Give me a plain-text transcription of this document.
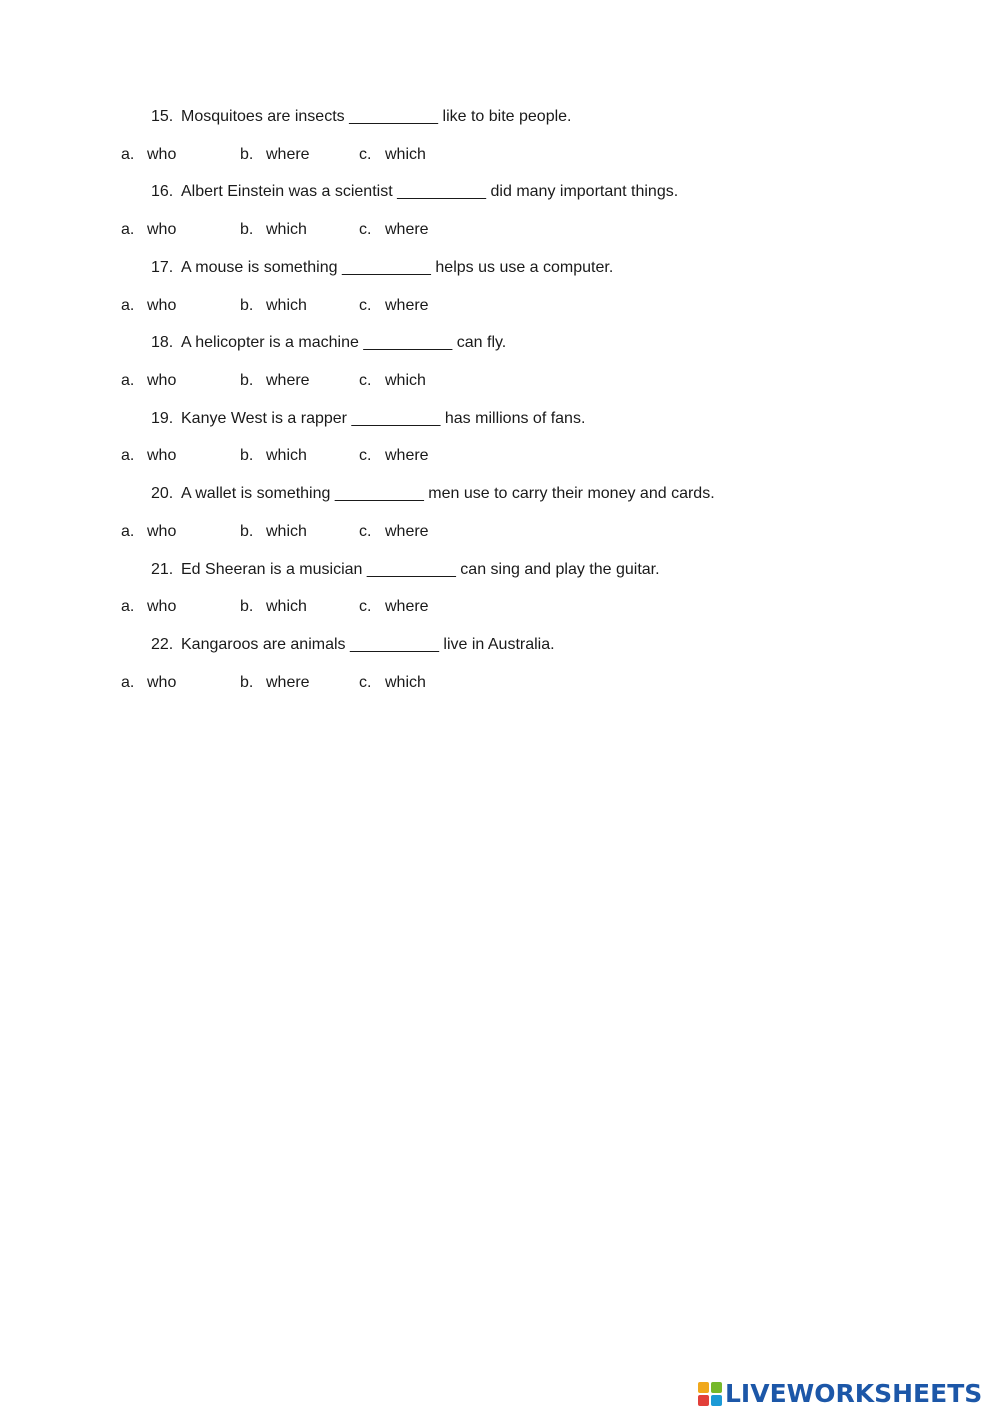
15. Mosquitoes are insects __________ like to bite people.
a. who	b. where	c. which
16. Albert Einstein was a scientist __________ did many important things.
a. who	b. which	c. where
17. A mouse is something __________ helps us use a computer.
a. who	b. which	c. where
18. A helicopter is a machine __________ can fly.
a. who	b. where	c. which
19. Kanye West is a rapper __________ has millions of fans.
a. who	b. which	c. where
20. A wallet is something __________ men use to carry their money and cards.
a. who	b. which	c. where
21. Ed Sheeran is a musician __________ can sing and play the guitar.
a. who	b. which	c. where
22. Kangaroos are animals __________ live in Australia.
a. who	b. where	c. which
LIVEWORKSHEETS
